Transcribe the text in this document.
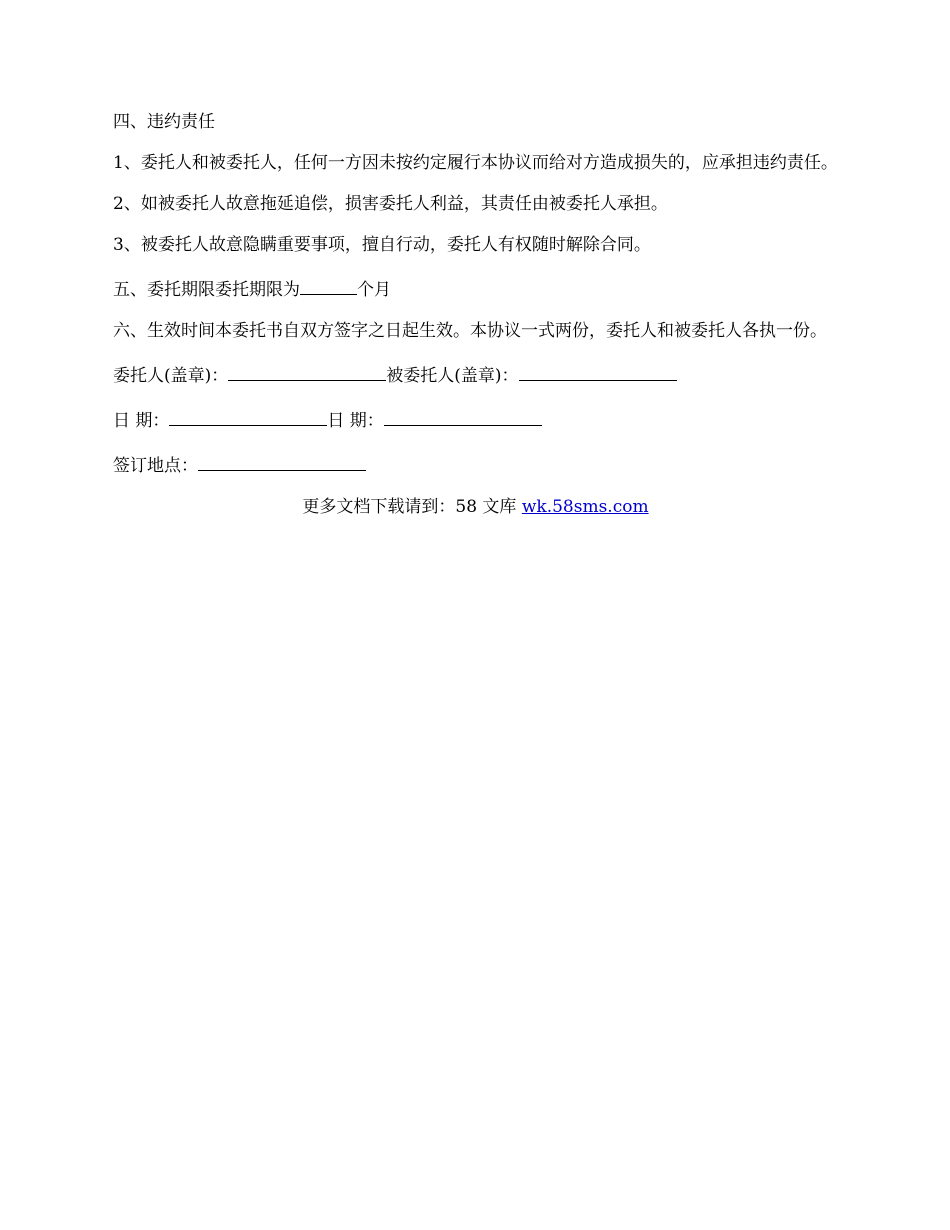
四、违约责任

1、委托人和被委托人，任何一方因未按约定履行本协议而给对方造成损失的，应承担违约责任。

2、如被委托人故意拖延追偿，损害委托人利益，其责任由被委托人承担。

3、被委托人故意隐瞒重要事项，擅自行动，委托人有权随时解除合同。

五、委托期限委托期限为	个月

六、生效时间本委托书自双方签字之日起生效。本协议一式两份，委托人和被委托人各执一份。

委托人(盖章)：	被委托人(盖章)：
日 期：	日 期：
签订地点：

更多文档下载请到：58 文库 wk.58sms.com
